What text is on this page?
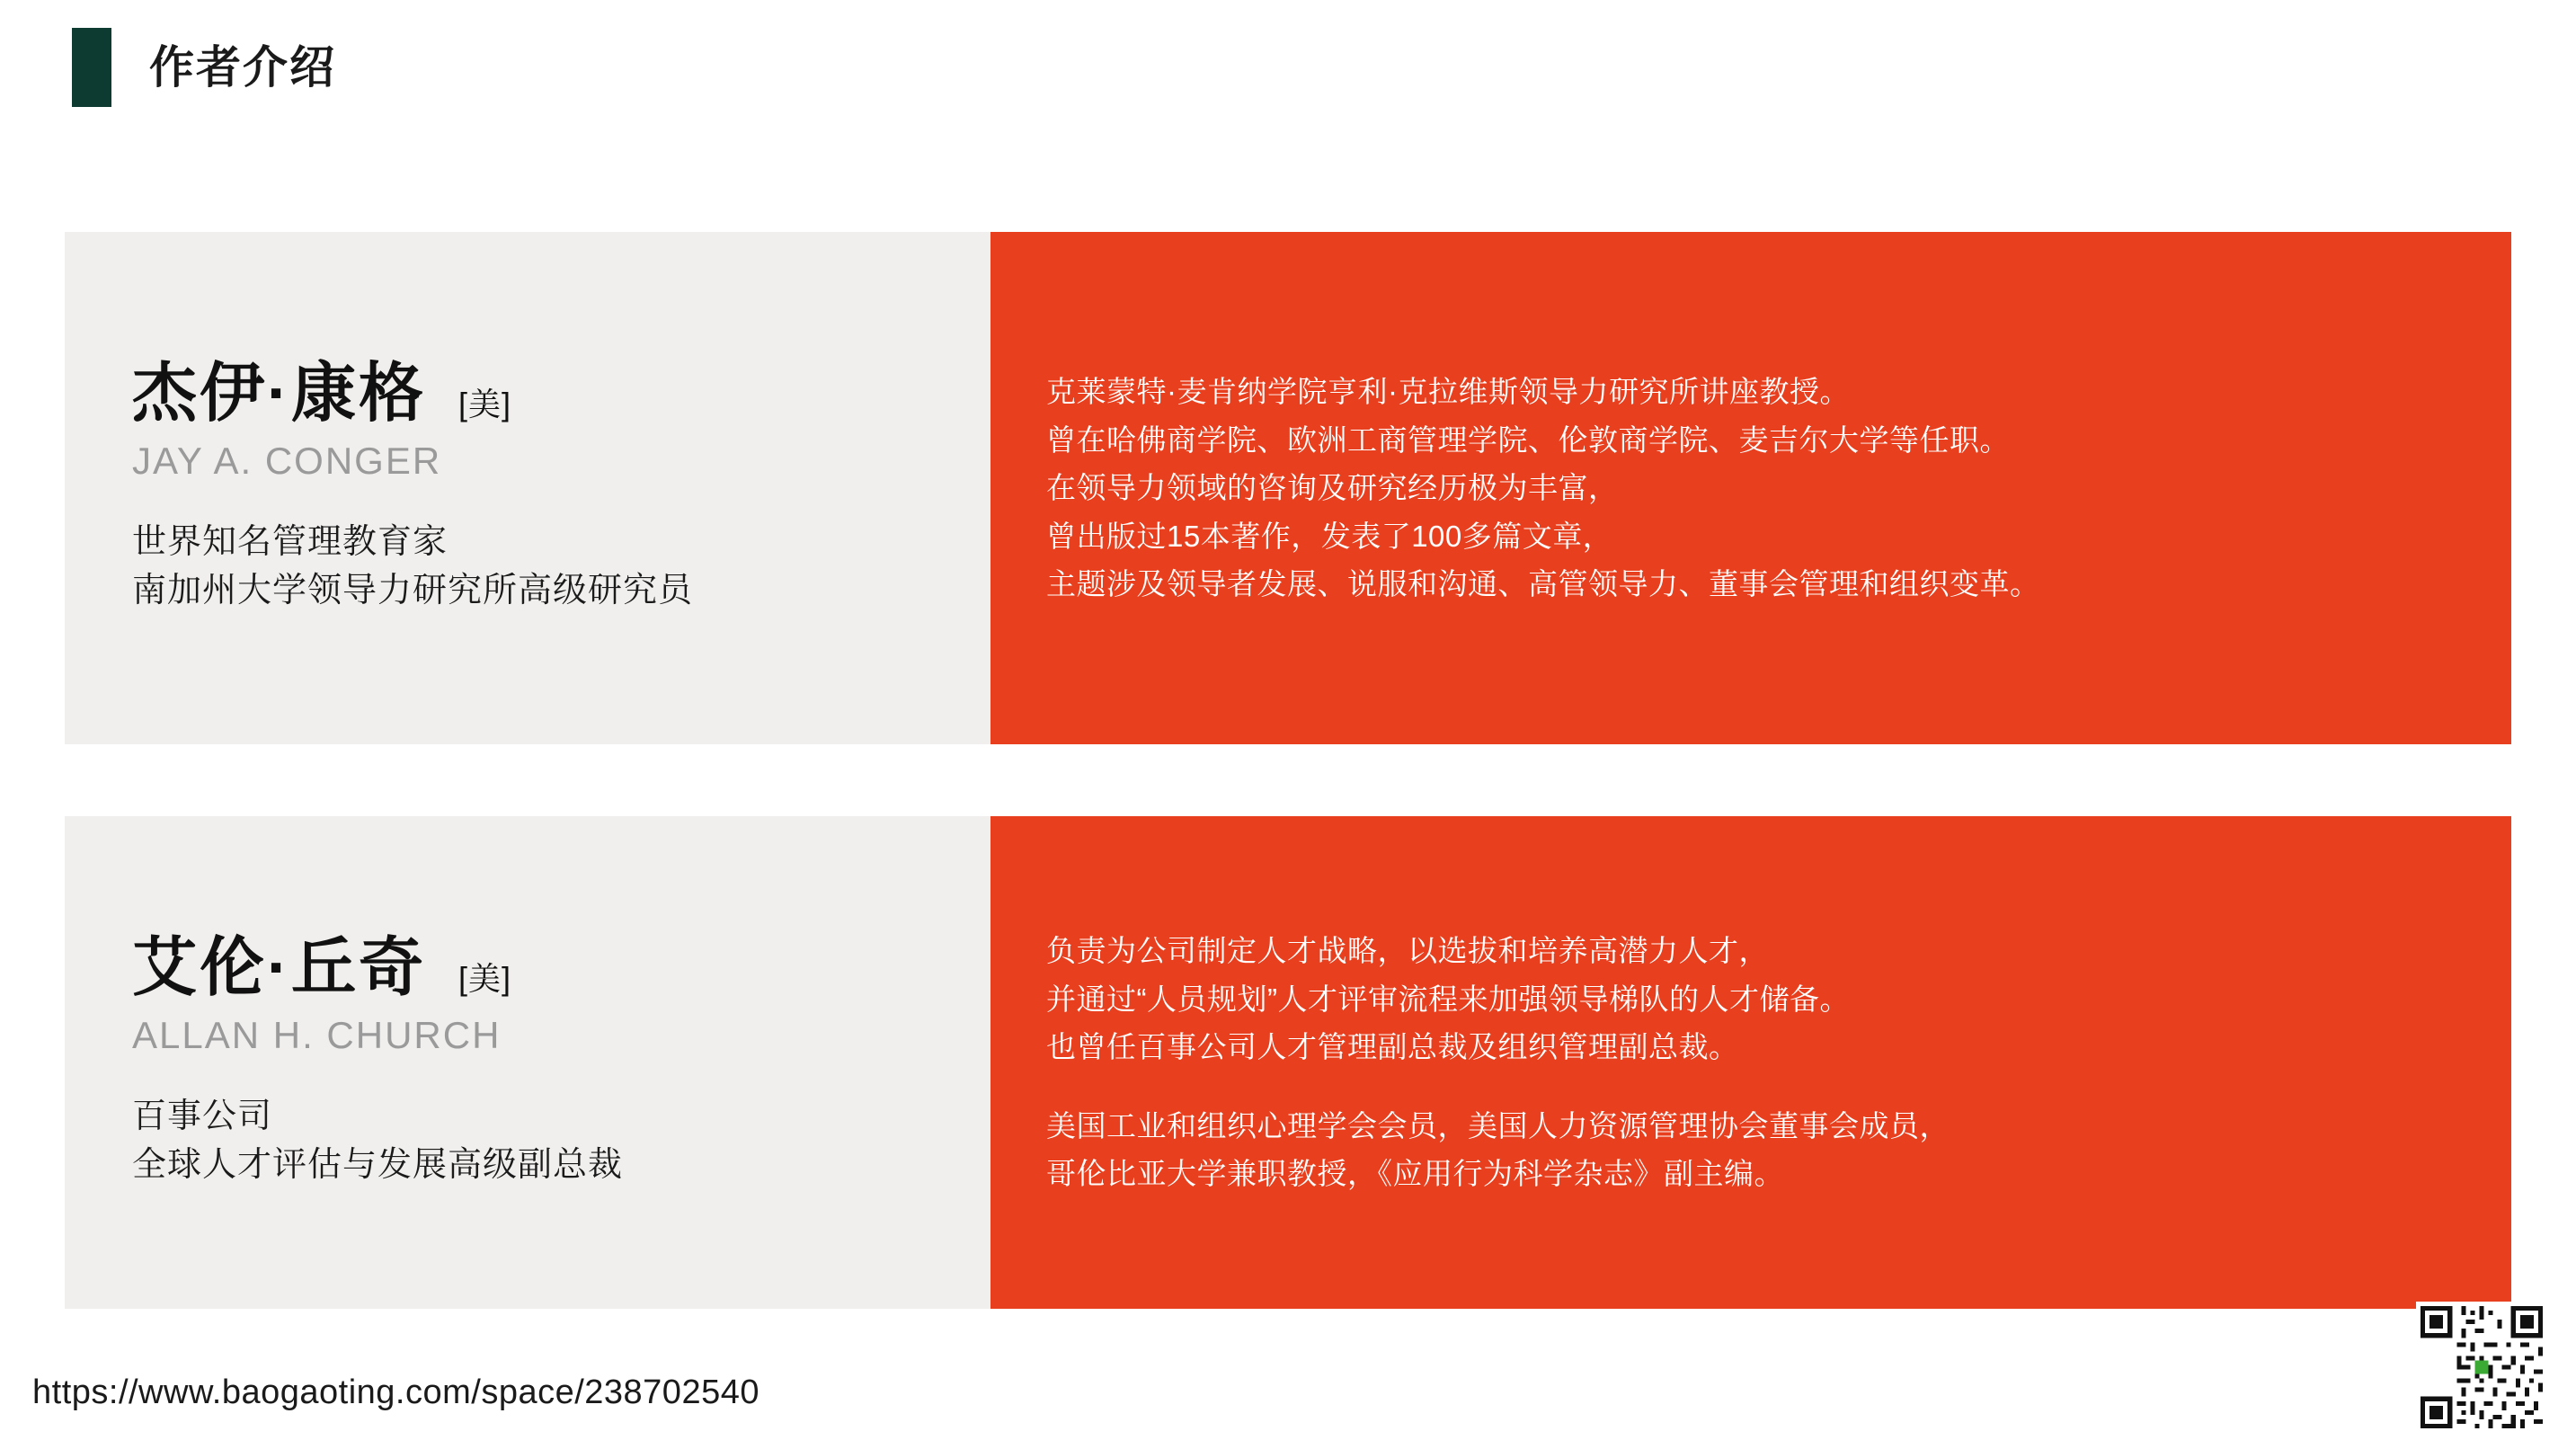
作者介绍
杰伊·康格 [美]
JAY A. CONGER
世界知名管理教育家
南加州大学领导力研究所高级研究员
克莱蒙特·麦肯纳学院亨利·克拉维斯领导力研究所讲座教授。
曾在哈佛商学院、欧洲工商管理学院、伦敦商学院、麦吉尔大学等任职。
在领导力领域的咨询及研究经历极为丰富，
曾出版过15本著作，发表了100多篇文章，
主题涉及领导者发展、说服和沟通、高管领导力、董事会管理和组织变革。
艾伦·丘奇 [美]
ALLAN H. CHURCH
百事公司
全球人才评估与发展高级副总裁
负责为公司制定人才战略，以选拔和培养高潜力人才，
并通过“人员规划”人才评审流程来加强领导梯队的人才储备。
也曾任百事公司人才管理副总裁及组织管理副总裁。
美国工业和组织心理学会会员，美国人力资源管理协会董事会成员，
哥伦比亚大学兼职教授，《应用行为科学杂志》副主编。
https://www.baogaoting.com/space/238702540
